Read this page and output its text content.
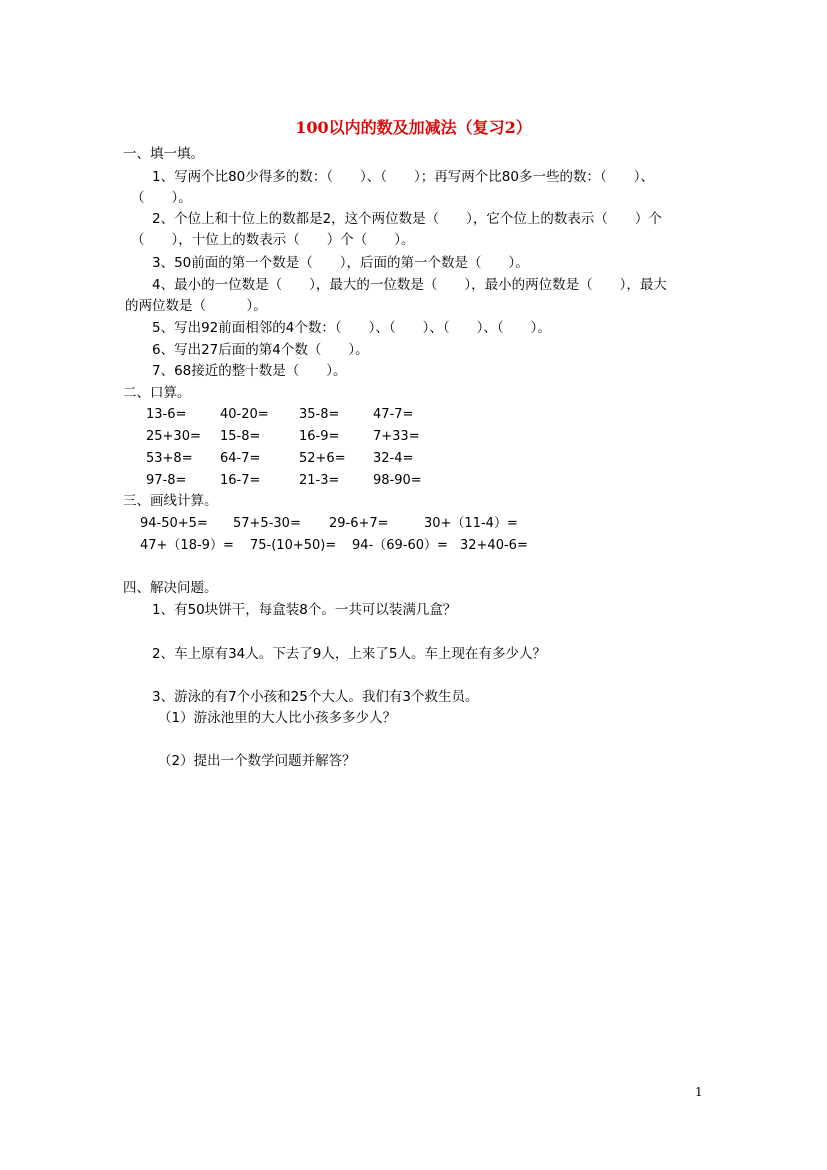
100以内的数及加减法（复习2）
一、填一填。
1、写两个比80少得多的数：（　　）、（　　）；再写两个比80多一些的数：（　　）、
（　　）。
2、个位上和十位上的数都是2，这个两位数是（　　），它个位上的数表示（　　）个
（　　），十位上的数表示（　　）个（　　）。
3、50前面的第一个数是（　　），后面的第一个数是（　　）。
4、最小的一位数是（　　），最大的一位数是（　　），最小的两位数是（　　），最大
的两位数是（　　　）。
5、写出92前面相邻的4个数：（　　）、（　　）、（　　）、（　　）。
6、写出27后面的第4个数（　　）。
7、68接近的整十数是（　　）。
二、口算。
13-6=	40-20= 35-8=	47-7=
25+30= 15-8=	16-9=	7+33=
53+8= 64-7=	52+6= 32-4=
97-8=	16-7=	21-3=	98-90=
三、画线计算。
94-50+5= 57+5-30= 29-6+7=	30+（11-4）=
47+（18-9）= 75-(10+50)= 94-（69-60）= 32+40-6=
四、解决问题。
1、有50块饼干，每盒装8个。一共可以装满几盒？
2、车上原有34人。下去了9人，上来了5人。车上现在有多少人？
3、游泳的有7个小孩和25个大人。我们有3个救生员。
（1）游泳池里的大人比小孩多多少人？
（2）提出一个数学问题并解答？
1
